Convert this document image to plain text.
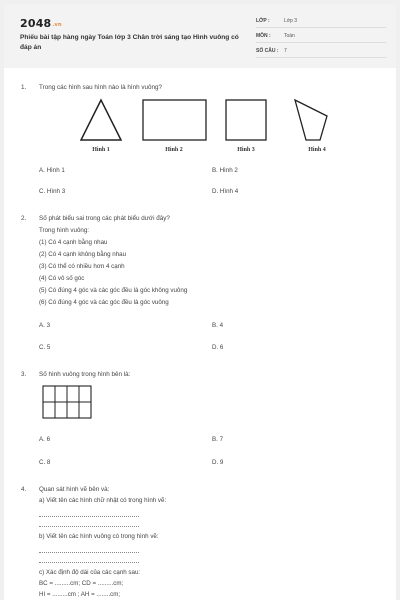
$2048^{.vn}$
Phiếu bài tập hàng ngày Toán lớp 3 Chân trời sáng tạo Hình vuông có đáp án
LỚP :	Lớp 3
MÔN :	Toán
SỐ CÂU : 7
1. Trong các hình sau hình nào là hình vuông?
Hình 1	Hình 2	Hình 3	Hình 4
A. Hình 1	B. Hình 2
C. Hình 3	D. Hình 4
2. Số phát biểu sai trong các phát biểu dưới đây?
Trong hình vuông:
(1) Có 4 cạnh bằng nhau
(2) Có 4 cạnh không bằng nhau
(3) Có thể có nhiều hơn 4 cạnh
(4) Có vô số góc
(5) Có đúng 4 góc và các góc đều là góc không vuông
(6) Có đúng 4 góc và các góc đều là góc vuông
A. 3	B. 4
C. 5	D. 6
3. Số hình vuông trong hình bên là:
A. 6	B. 7
C. 8	D. 9
4. Quan sát hình vẽ bên và:
a) Viết tên các hình chữ nhật có trong hình vẽ:
b) Viết tên các hình vuông có trong hình vẽ:
c) Xác định độ dài của các cạnh sau:
BC = .........cm; CD = .........cm;
HI = .........cm ; AH = ........cm;
